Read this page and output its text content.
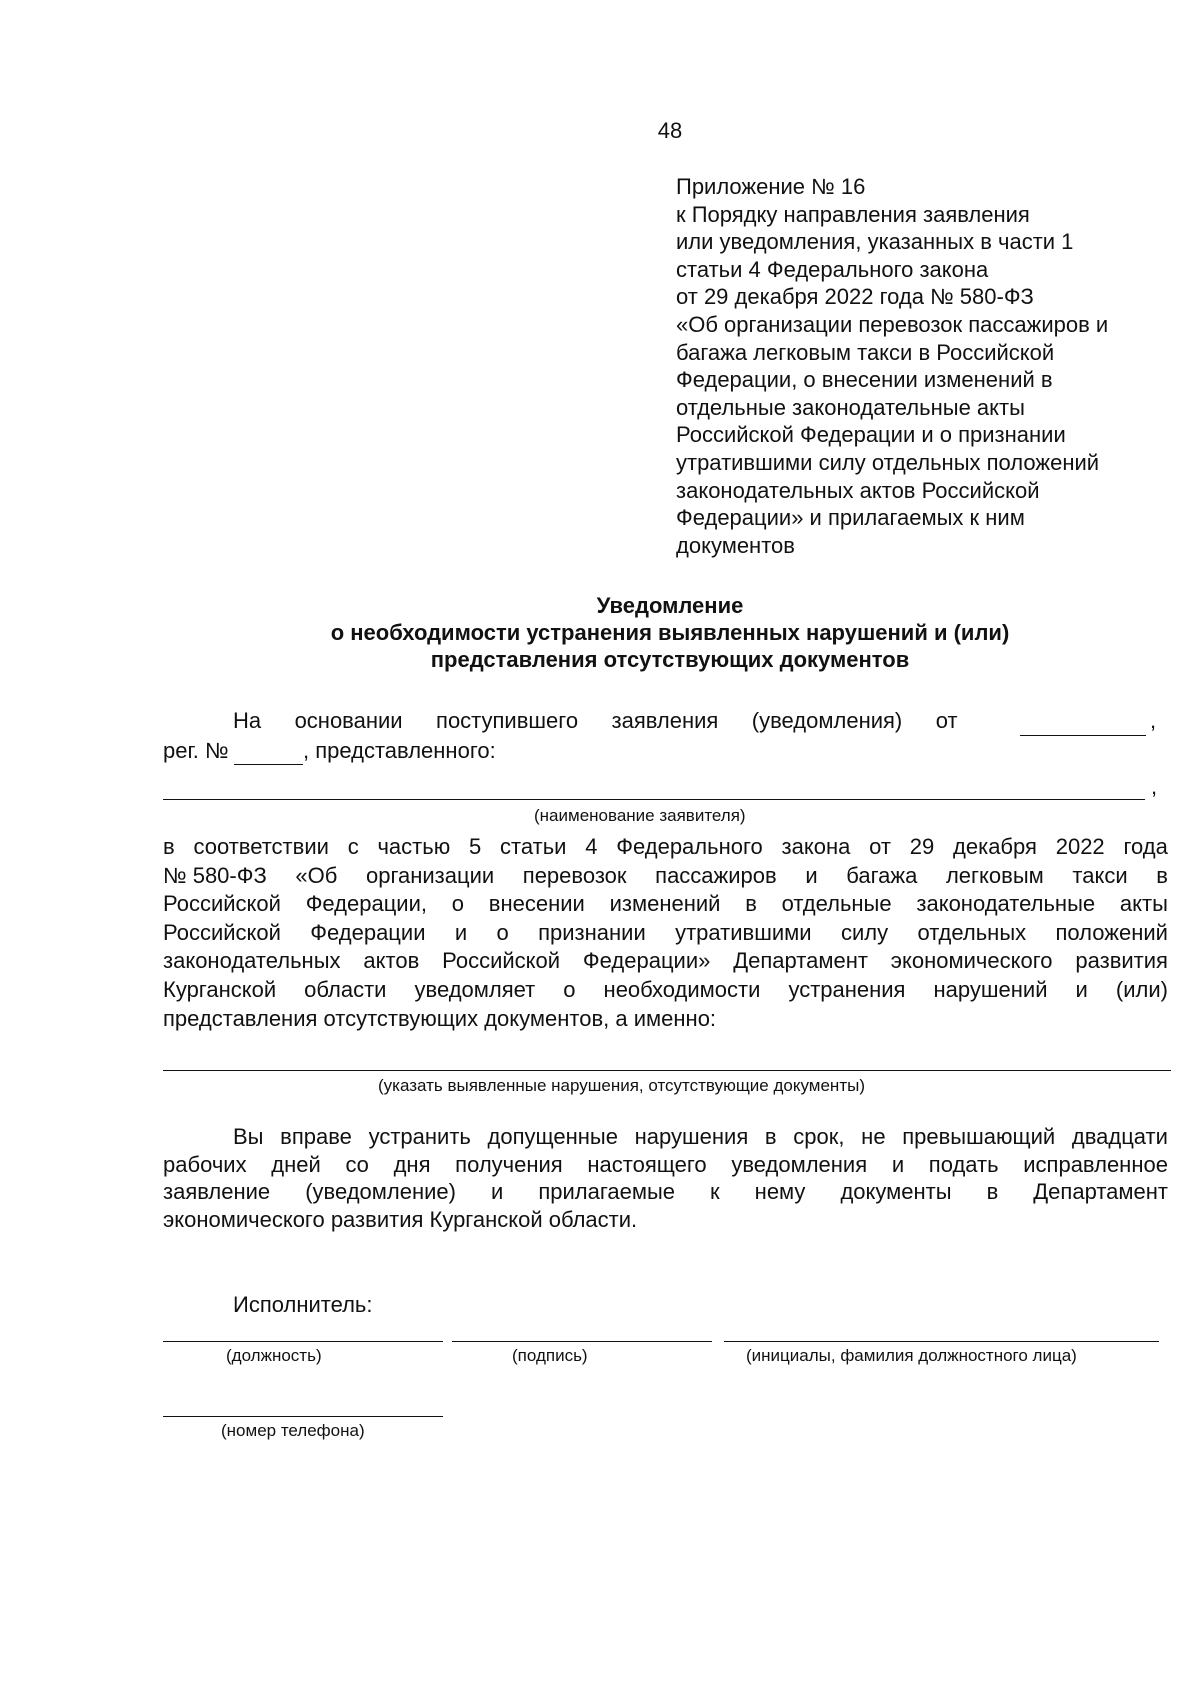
48
Приложение № 16
к Порядку направления заявления
или уведомления, указанных в части 1
статьи 4 Федерального закона
от 29 декабря 2022 года № 580-ФЗ
«Об организации перевозок пассажиров и
багажа легковым такси в Российской
Федерации, о внесении изменений в
отдельные законодательные акты
Российской Федерации и о признании
утратившими силу отдельных положений
законодательных актов Российской
Федерации» и прилагаемых к ним
документов
Уведомление
о необходимости устранения выявленных нарушений и (или)
представления отсутствующих документов
На основании поступившего заявления (уведомления) от	,
рег. №	, представленного:
,
(наименование заявителя)
в соответствии с частью 5 статьи 4 Федерального закона от 29 декабря 2022 года
№ 580-ФЗ «Об организации перевозок пассажиров и багажа легковым такси в
Российской Федерации, о внесении изменений в отдельные законодательные акты
Российской Федерации и о признании утратившими силу отдельных положений
законодательных актов Российской Федерации» Департамент экономического развития
Курганской области уведомляет о необходимости устранения нарушений и (или)
представления отсутствующих документов, а именно:
(указать выявленные нарушения, отсутствующие документы)
Вы вправе устранить допущенные нарушения в срок, не превышающий двадцати
рабочих дней со дня получения настоящего уведомления и подать исправленное
заявление (уведомление) и прилагаемые к нему документы в Департамент
экономического развития Курганской области.
Исполнитель:
(должность)	(подпись)	(инициалы, фамилия должностного лица)
(номер телефона)
